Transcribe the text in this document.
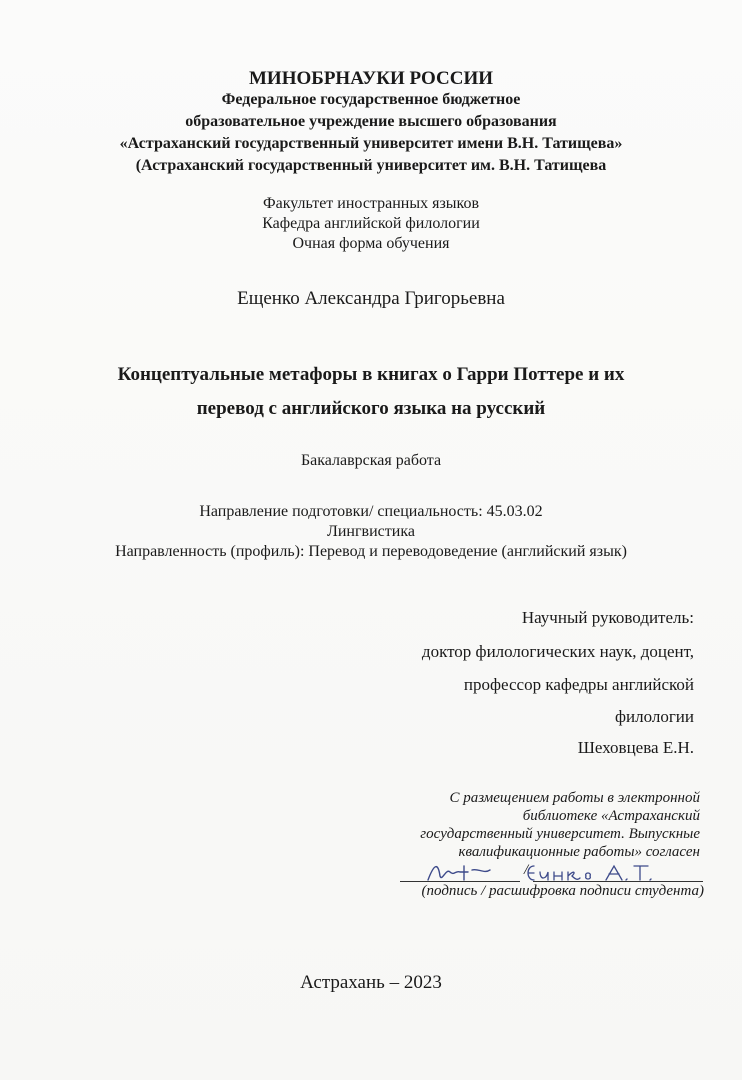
МИНОБРНАУКИ РОССИИ
Федеральное государственное бюджетное
образовательное учреждение высшего образования
«Астраханский государственный университет имени В.Н. Татищева»
(Астраханский государственный университет им. В.Н. Татищева
Факультет иностранных языков
Кафедра английской филологии
Очная форма обучения
Ещенко Александра Григорьевна
Концептуальные метафоры в книгах о Гарри Поттере и их
перевод с английского языка на русский
Бакалаврская работа
Направление подготовки/ специальность: 45.03.02
Лингвистика
Направленность (профиль): Перевод и переводоведение (английский язык)
Научный руководитель:
доктор филологических наук, доцент,
профессор кафедры английской
филологии
Шеховцева Е.Н.
С размещением работы в электронной
библиотеке «Астраханский
государственный университет. Выпускные
квалификационные работы» согласен
/
(подпись / расшифровка подписи студента)
Астрахань – 2023
